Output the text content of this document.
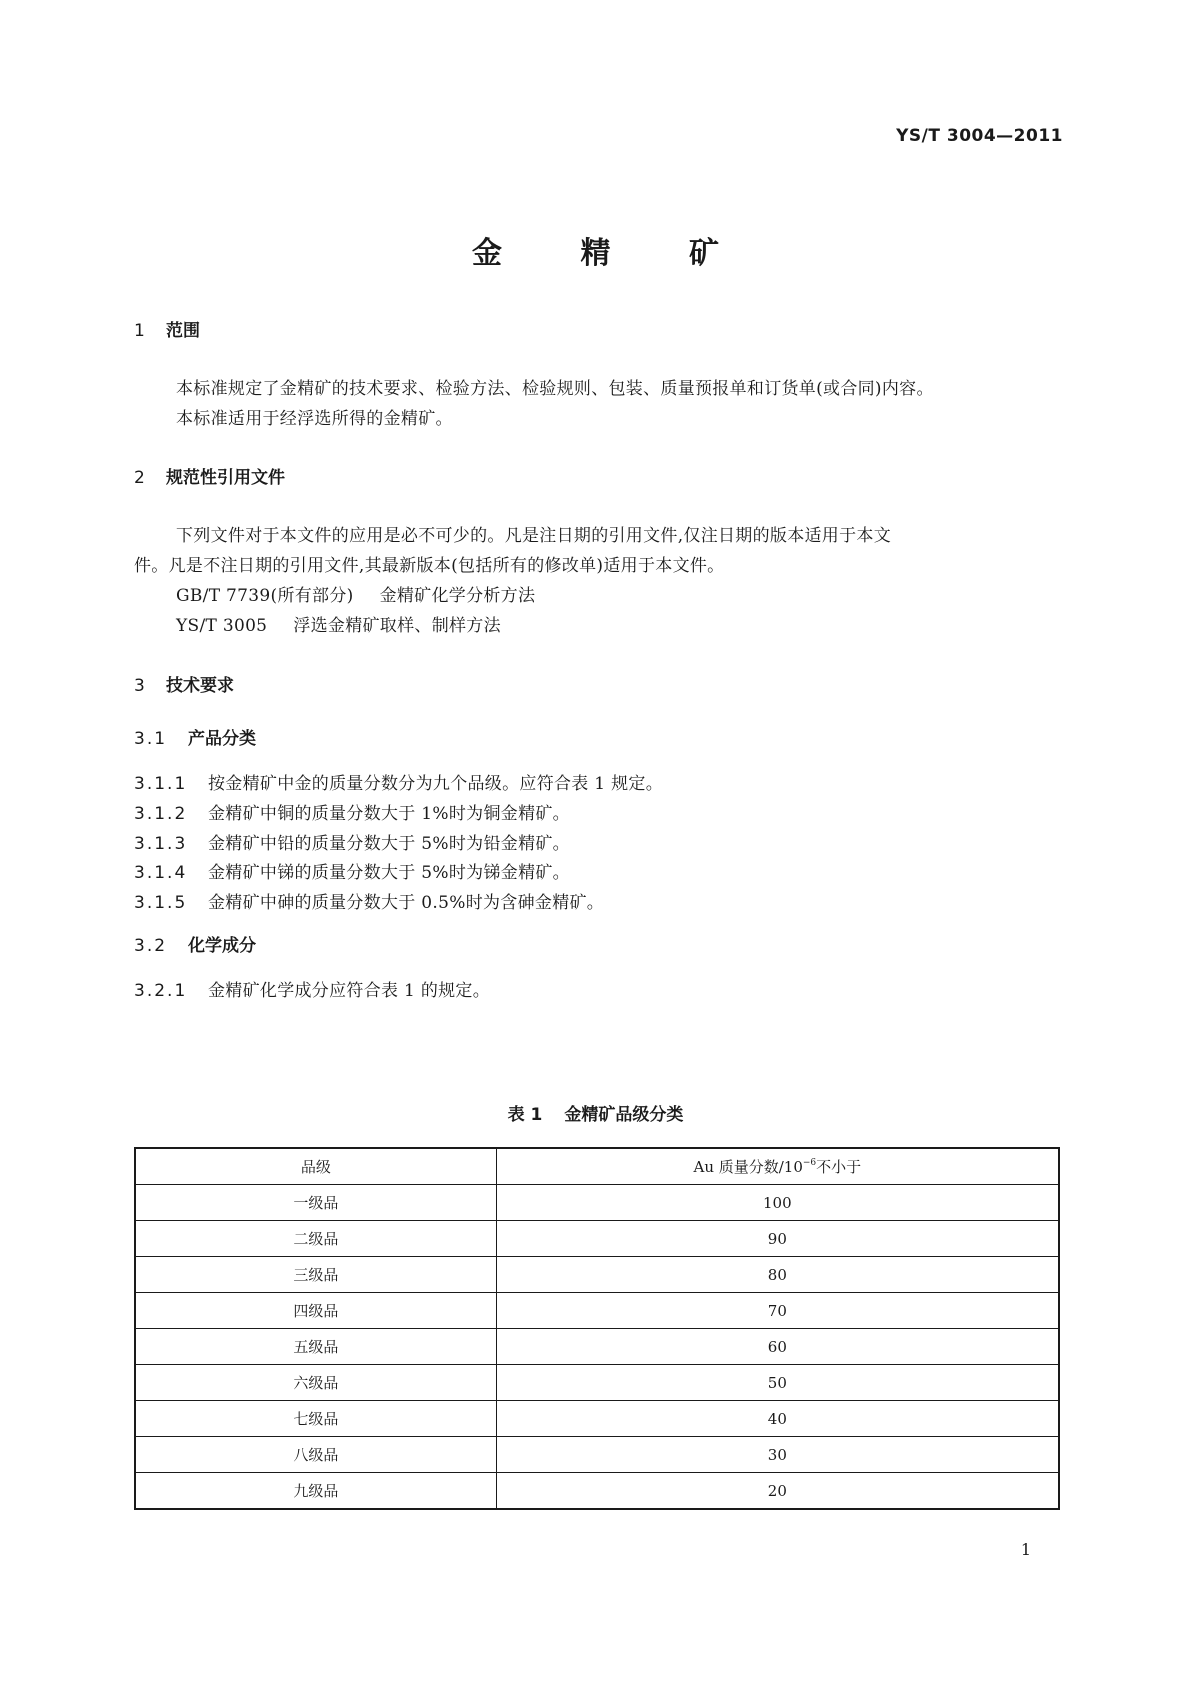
YS/T 3004—2011
金	精	矿
1 范围
本标准规定了金精矿的技术要求、检验方法、检验规则、包装、质量预报单和订货单(或合同)内容。
本标准适用于经浮选所得的金精矿。
2 规范性引用文件
下列文件对于本文件的应用是必不可少的。凡是注日期的引用文件,仅注日期的版本适用于本文
件。凡是不注日期的引用文件,其最新版本(包括所有的修改单)适用于本文件。
GB/T 7739(所有部分) 金精矿化学分析方法
YS/T 3005 浮选金精矿取样、制样方法
3 技术要求
3.1 产品分类
3.1.1 按金精矿中金的质量分数分为九个品级。应符合表 1 规定。
3.1.2 金精矿中铜的质量分数大于 1%时为铜金精矿。
3.1.3 金精矿中铅的质量分数大于 5%时为铅金精矿。
3.1.4 金精矿中锑的质量分数大于 5%时为锑金精矿。
3.1.5 金精矿中砷的质量分数大于 0.5%时为含砷金精矿。
3.2 化学成分
3.2.1 金精矿化学成分应符合表 1 的规定。
表 1 金精矿品级分类
品级	Au 质量分数$/10^{-6}$不小于
一级品	100
二级品	90
三级品	80
四级品	70
五级品	60
六级品	50
七级品	40
八级品	30
九级品	20
1
